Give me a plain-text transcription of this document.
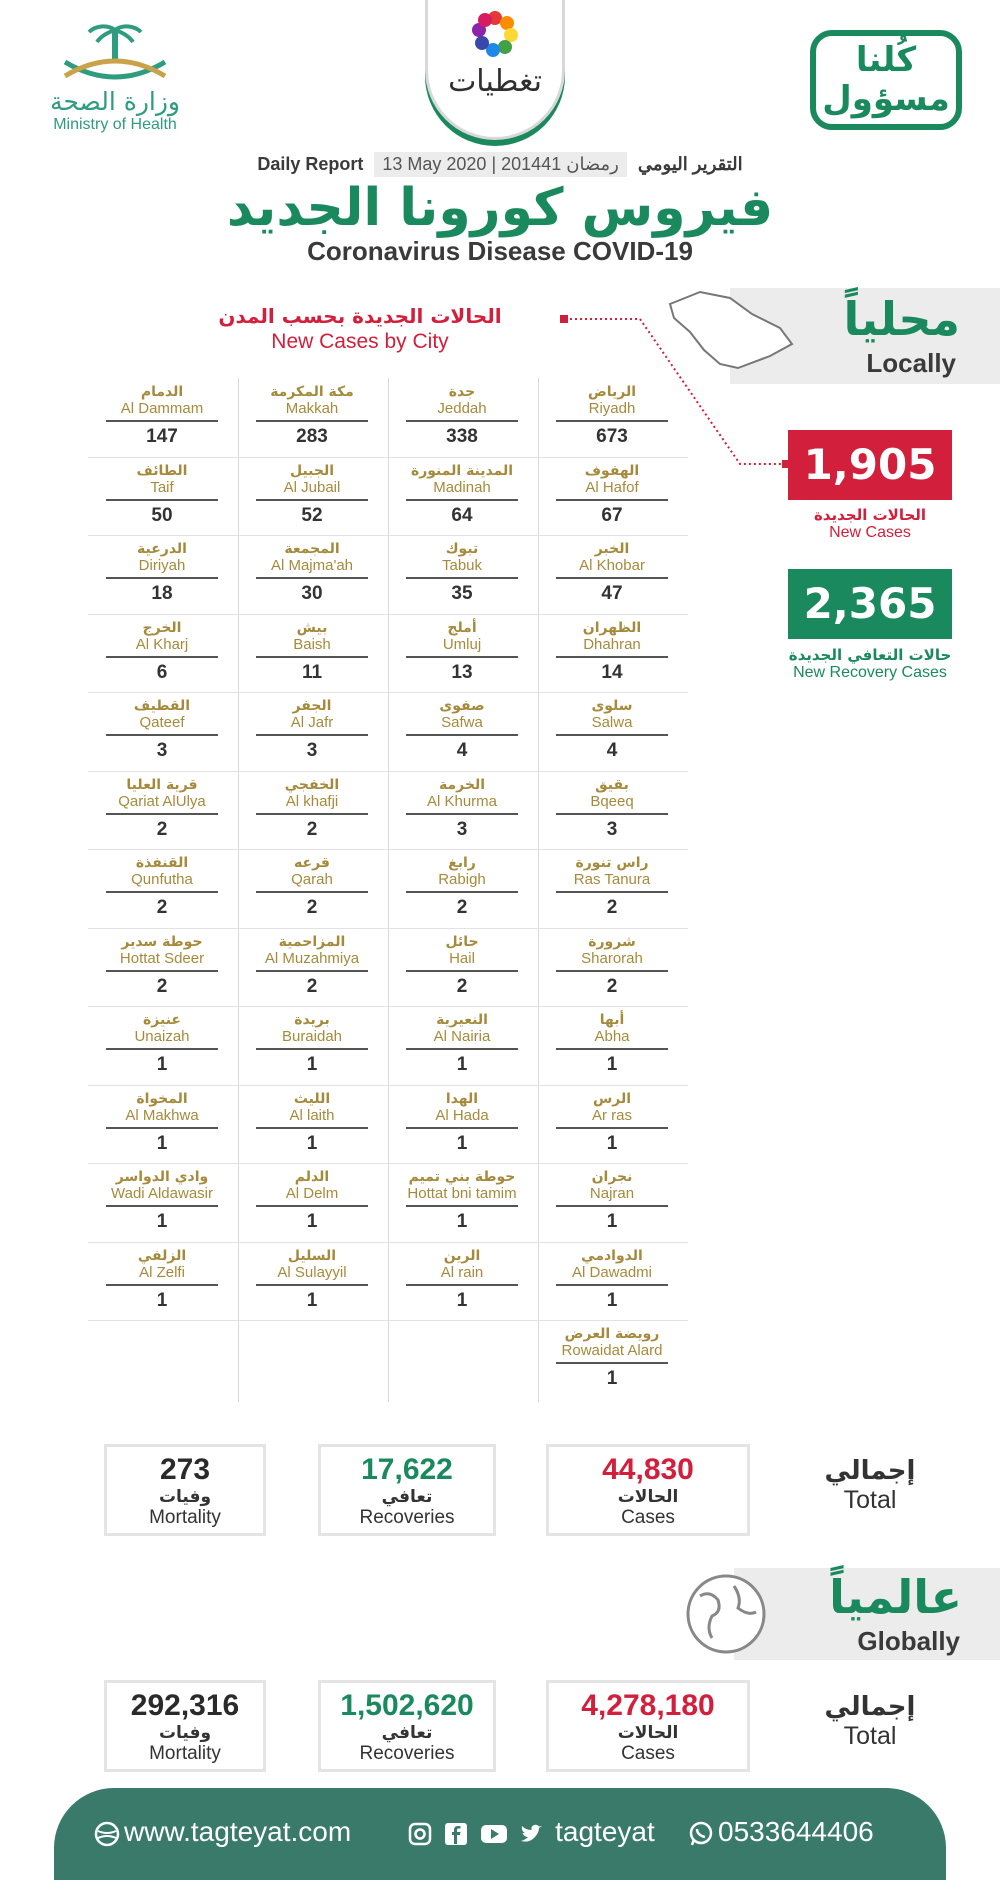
وزارة الصحة
Ministry of Health
تغطيات
كُلنا
مسؤول
Daily Report 13 May 2020 | 20رمضان 1441 التقرير اليومي
فيروس كورونا الجديد
Coronavirus Disease COVID-19
محلياً
Locally
الحالات الجديدة بحسب المدن
New Cases by City
1,905
الحالات الجديدة
New Cases
2,365
حالات التعافي الجديدة
New Recovery Cases
الرياض
Riyadh
673
جدة
Jeddah
338
مكة المكرمة
Makkah
283
الدمام
Al Dammam
147
الهفوف
Al Hafof
67
المدينة المنورة
Madinah
64
الجبيل
Al Jubail
52
الطائف
Taif
50
الخبر
Al Khobar
47
تبوك
Tabuk
35
المجمعة
Al Majma'ah
30
الدرعية
Diriyah
18
الظهران
Dhahran
14
أملج
Umluj
13
بيش
Baish
11
الخرج
Al Kharj
6
سلوى
Salwa
4
صفوى
Safwa
4
الجفر
Al Jafr
3
القطيف
Qateef
3
بقيق
Bqeeq
3
الخرمة
Al Khurma
3
الخفجي
Al khafji
2
قرية العليا
Qariat AlUlya
2
راس تنورة
Ras Tanura
2
رابغ
Rabigh
2
قرعه
Qarah
2
القنفذة
Qunfutha
2
شرورة
Sharorah
2
حائل
Hail
2
المزاحمية
Al Muzahmiya
2
حوطة سدير
Hottat Sdeer
2
أبها
Abha
1
النعيرية
Al Nairia
1
بريدة
Buraidah
1
عنيزة
Unaizah
1
الرس
Ar ras
1
الهدا
Al Hada
1
الليث
Al laith
1
المخواة
Al Makhwa
1
نجران
Najran
1
حوطة بني تميم
Hottat bni tamim
1
الدلم
Al Delm
1
وادي الدواسر
Wadi Aldawasir
1
الدوادمي
Al Dawadmi
1
الرين
Al rain
1
السليل
Al Sulayyil
1
الزلفي
Al Zelfi
1
رويضة العرض
Rowaidat Alard
1
44,830
الحالات
Cases
17,622
تعافي
Recoveries
273
وفيات
Mortality
إجمالي
Total
عالمياً
Globally
4,278,180
الحالات
Cases
1,502,620
تعافي
Recoveries
292,316
وفيات
Mortality
إجمالي
Total
www.tagteyat.com	tagteyat	0533644406
